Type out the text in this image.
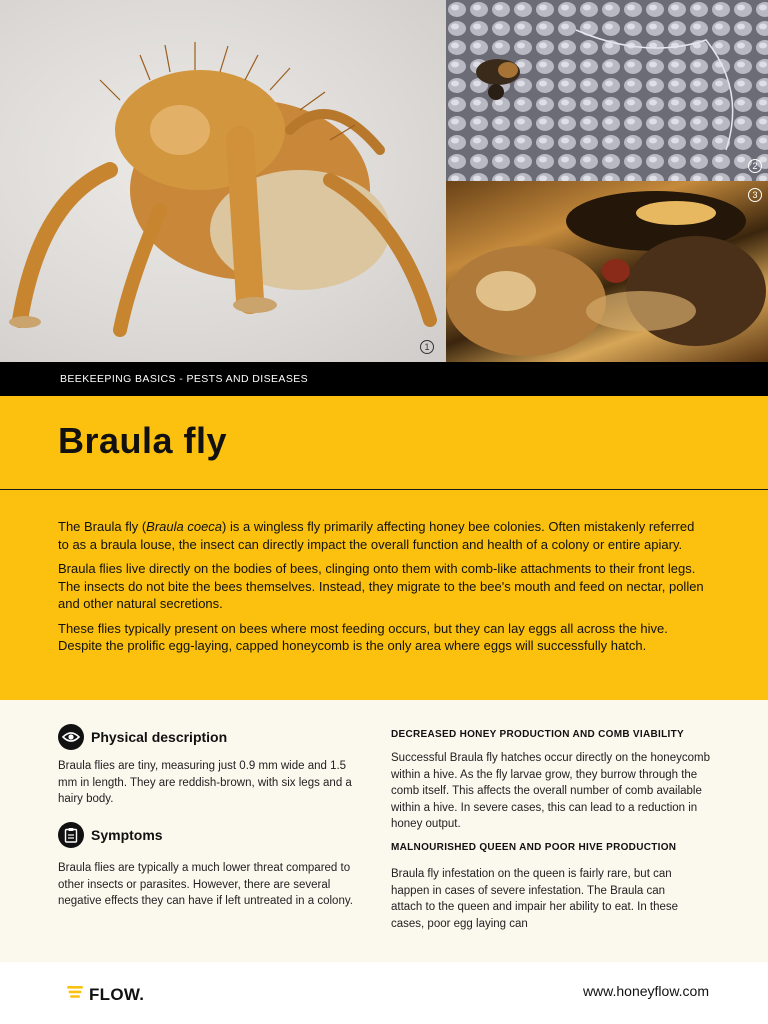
1
2
3
BEEKEEPING BASICS - PESTS AND DISEASES
Braula fly

The Braula fly (Braula coeca) is a wingless fly primarily affecting honey bee colonies. Often mistakenly referred to as a braula louse, the insect can directly impact the overall function and health of a colony or entire apiary.

Braula flies live directly on the bodies of bees, clinging onto them with comb-like attachments to their front legs. The insects do not bite the bees themselves. Instead, they migrate to the bee's mouth and feed on nectar, pollen and other natural secretions.

These flies typically present on bees where most feeding occurs, but they can lay eggs all across the hive. Despite the prolific egg-laying, capped honeycomb is the only area where eggs will successfully hatch.

Physical description

Braula flies are tiny, measuring just 0.9 mm wide and 1.5 mm in length. They are reddish-brown, with six legs and a hairy body.

Symptoms

Braula flies are typically a much lower threat compared to other insects or parasites. However, there are several negative effects they can have if left untreated in a colony.

DECREASED HONEY PRODUCTION AND COMB VIABILITY

Successful Braula fly hatches occur directly on the honeycomb within a hive. As the fly larvae grow, they burrow through the comb itself. This affects the overall number of comb available within a hive. In severe cases, this can lead to a reduction in honey output.

MALNOURISHED QUEEN AND POOR HIVE PRODUCTION

Braula fly infestation on the queen is fairly rare, but can happen in cases of severe infestation. The Braula can attach to the queen and impair her ability to eat. In these cases, poor egg laying can

FLOW.	www.honeyflow.com
